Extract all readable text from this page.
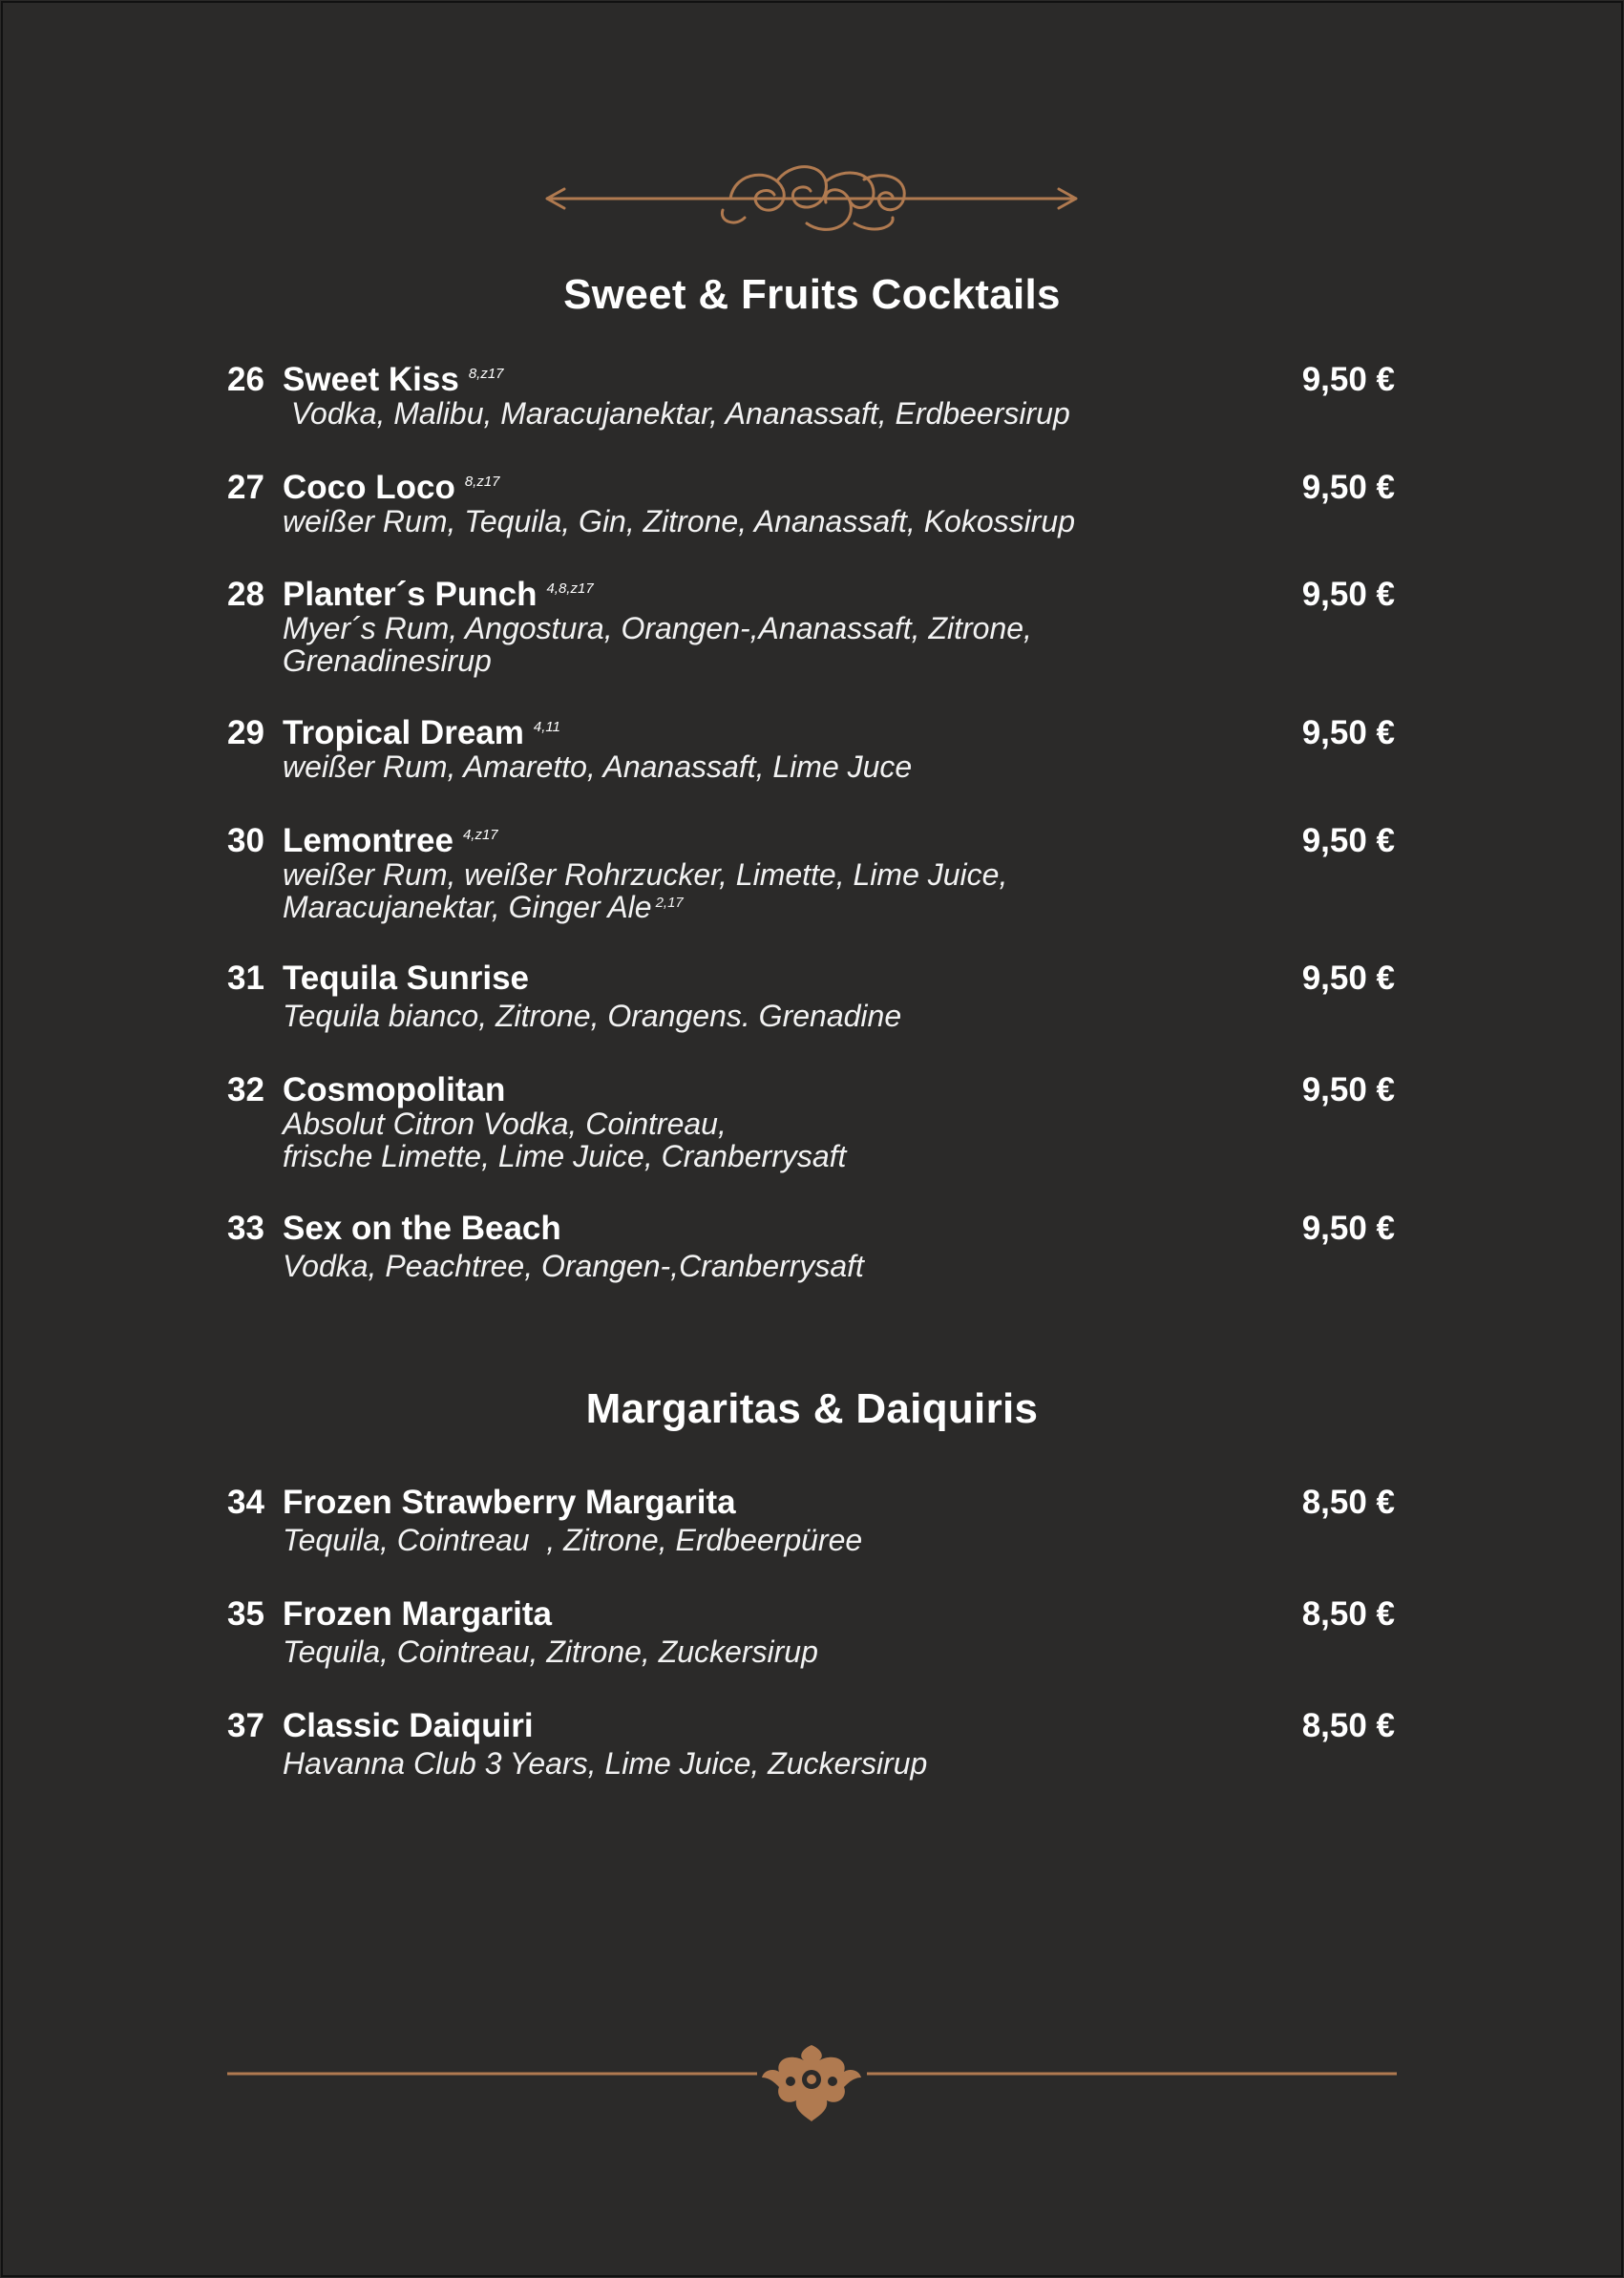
Sweet & Fruits Cocktails
26 Sweet Kiss $^{8,z17}$	9,50 €
Vodka, Malibu, Maracujanektar, Ananassaft, Erdbeersirup
27 Coco Loco $^{8,z17}$	9,50 €
weißer Rum, Tequila, Gin, Zitrone, Ananassaft, Kokossirup
28 Planter´s Punch $^{4,8,z17}$	9,50 €
Myer´s Rum, Angostura, Orangen-,Ananassaft, Zitrone,
Grenadinesirup
29 Tropical Dream $^{4,11}$	9,50 €
weißer Rum, Amaretto, Ananassaft, Lime Juce
30 Lemontree $^{4,z17}$	9,50 €
weißer Rum, weißer Rohrzucker, Limette, Lime Juice,
Maracujanektar, Ginger Ale $^{2,17}$
31 Tequila Sunrise	9,50 €
Tequila bianco, Zitrone, Orangens. Grenadine
32 Cosmopolitan	9,50 €
Absolut Citron Vodka, Cointreau,
frische Limette, Lime Juice, Cranberrysaft
33 Sex on the Beach	9,50 €
Vodka, Peachtree, Orangen-,Cranberrysaft
Margaritas & Daiquiris
34 Frozen Strawberry Margarita	8,50 €
Tequila, Cointreau  , Zitrone, Erdbeerpüree
35 Frozen Margarita	8,50 €
Tequila, Cointreau, Zitrone, Zuckersirup
37 Classic Daiquiri	8,50 €
Havanna Club 3 Years, Lime Juice, Zuckersirup
